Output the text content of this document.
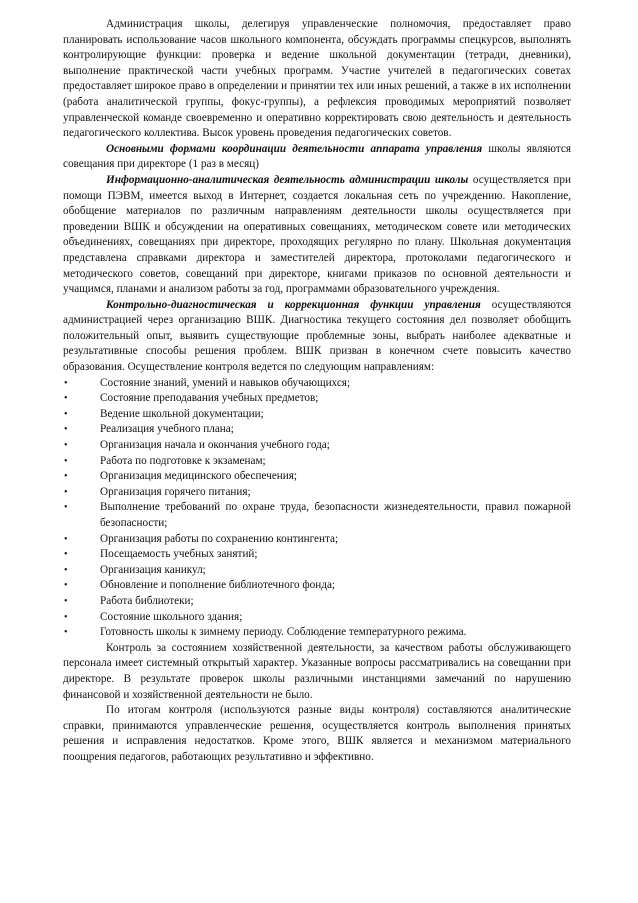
Администрация школы, делегируя управленческие полномочия, предоставляет право планировать использование часов школьного компонента, обсуждать программы спецкурсов, выполнять контролирующие функции: проверка и ведение школьной документации (тетради, дневники), выполнение практической части учебных программ. Участие учителей в педагогических советах предоставляет широкое право в определении и принятии тех или иных решений, а также в их исполнении (работа аналитической группы, фокус-группы), а рефлексия проводимых мероприятий позволяет управленческой команде своевременно и оперативно корректировать свою деятельность и деятельность педагогического коллектива. Высок уровень проведения педагогических советов.

Основными формами координации деятельности аппарата управления школы являются совещания при директоре (1 раз в месяц)

Информационно-аналитическая деятельность администрации школы осуществляется при помощи ПЭВМ, имеется выход в Интернет, создается локальная сеть по учреждению. Накопление, обобщение материалов по различным направлениям деятельности школы осуществляется при проведении ВШК и обсуждении на оперативных совещаниях, методическом совете или методических объединениях, совещаниях при директоре, проходящих регулярно по плану. Школьная документация представлена справками директора и заместителей директора, протоколами педагогического и методического советов, совещаний при директоре, книгами приказов по основной деятельности и учащимся, планами и анализом работы за год, программами образовательного учреждения.

Контрольно-диагностическая и коррекционная функции управления осуществляются администрацией через организацию ВШК. Диагностика текущего состояния дел позволяет обобщить положительный опыт, выявить существующие проблемные зоны, выбрать наиболее адекватные и результативные способы решения проблем. ВШК призван в конечном счете повысить качество образования. Осуществление контроля ведется по следующим направлениям:

•	Состояние знаний, умений и навыков обучающихся;
•	Состояние преподавания учебных предметов;
•	Ведение школьной документации;
•	Реализация учебного плана;
•	Организация начала и окончания учебного года;
•	Работа по подготовке к экзаменам;
•	Организация медицинского обеспечения;
•	Организация горячего питания;
•	Выполнение требований по охране труда, безопасности жизнедеятельности, правил пожарной безопасности;
•	Организация работы по сохранению контингента;
•	Посещаемость учебных занятий;
•	Организация каникул;
•	Обновление и пополнение библиотечного фонда;
•	Работа библиотеки;
•	Состояние школьного здания;
•	Готовность школы к зимнему периоду. Соблюдение температурного режима.

Контроль за состоянием хозяйственной деятельности, за качеством работы обслуживающего персонала имеет системный открытый характер. Указанные вопросы рассматривались на совещании при директоре. В результате проверок школы различными инстанциями замечаний по нарушению финансовой и хозяйственной деятельности не было.

По итогам контроля (используются разные виды контроля) составляются аналитические справки, принимаются управленческие решения, осуществляется контроль выполнения принятых решения и исправления недостатков. Кроме этого, ВШК является и механизмом материального поощрения педагогов, работающих результативно и эффективно.
